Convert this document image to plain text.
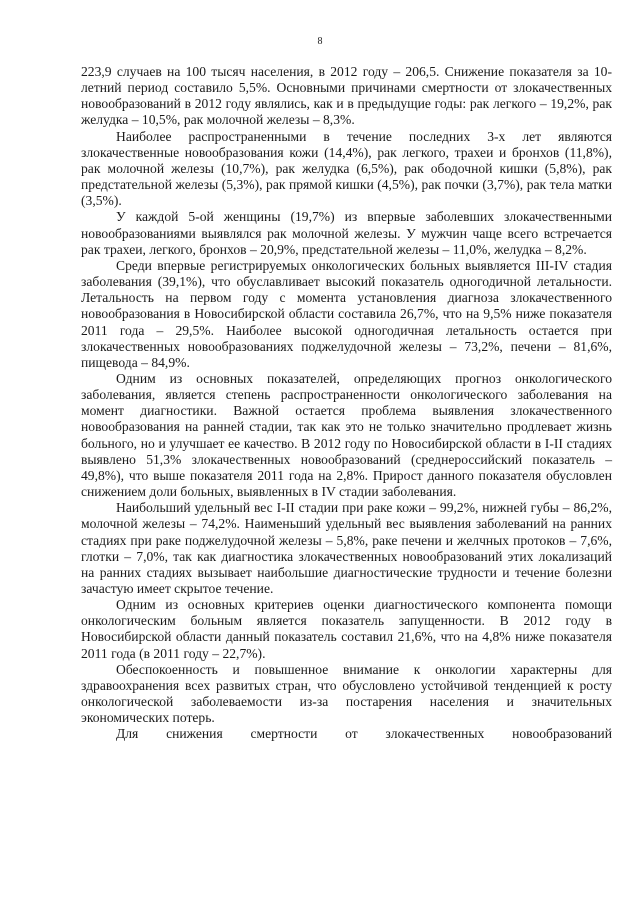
8

223,9 случаев на 100 тысяч населения, в 2012 году – 206,5. Снижение показателя за 10-летний период составило 5,5%. Основными причинами смертности от злокачественных новообразований в 2012 году являлись, как и в предыдущие годы: рак легкого – 19,2%, рак желудка – 10,5%, рак молочной железы – 8,3%.

Наиболее распространенными в течение последних 3-х лет являются злокачественные новообразования кожи (14,4%), рак легкого, трахеи и бронхов (11,8%), рак молочной железы (10,7%), рак желудка (6,5%), рак ободочной кишки (5,8%), рак предстательной железы (5,3%), рак прямой кишки (4,5%), рак почки (3,7%), рак тела матки (3,5%).

У каждой 5-ой женщины (19,7%) из впервые заболевших злокачественными новообразованиями выявлялся рак молочной железы. У мужчин чаще всего встречается рак трахеи, легкого, бронхов – 20,9%, предстательной железы – 11,0%, желудка – 8,2%.

Среди впервые регистрируемых онкологических больных выявляется III-IV стадия заболевания (39,1%), что обуславливает высокий показатель одногодичной летальности. Летальность на первом году с момента установления диагноза злокачественного новообразования в Новосибирской области составила 26,7%, что на 9,5% ниже показателя 2011 года – 29,5%. Наиболее высокой одногодичная летальность остается при злокачественных новообразованиях поджелудочной железы – 73,2%, печени – 81,6%, пищевода – 84,9%.

Одним из основных показателей, определяющих прогноз онкологического заболевания, является степень распространенности онкологического заболевания на момент диагностики. Важной остается проблема выявления злокачественного новообразования на ранней стадии, так как это не только значительно продлевает жизнь больного, но и улучшает ее качество. В 2012 году по Новосибирской области в I-II стадиях выявлено 51,3% злокачественных новообразований (среднероссийский показатель – 49,8%), что выше показателя 2011 года на 2,8%. Прирост данного показателя обусловлен снижением доли больных, выявленных в IV стадии заболевания.

Наибольший удельный вес I-II стадии при раке кожи – 99,2%, нижней губы – 86,2%, молочной железы – 74,2%. Наименьший удельный вес выявления заболеваний на ранних стадиях при раке поджелудочной железы – 5,8%, раке печени и желчных протоков – 7,6%, глотки – 7,0%, так как диагностика злокачественных новообразований этих локализаций на ранних стадиях вызывает наибольшие диагностические трудности и течение болезни зачастую имеет скрытое течение.

Одним из основных критериев оценки диагностического компонента помощи онкологическим больным является показатель запущенности. В 2012 году в Новосибирской области данный показатель составил 21,6%, что на 4,8% ниже показателя 2011 года (в 2011 году – 22,7%).

Обеспокоенность и повышенное внимание к онкологии характерны для здравоохранения всех развитых стран, что обусловлено устойчивой тенденцией к росту онкологической заболеваемости из-за постарения населения и значительных экономических потерь.

Для снижения смертности от злокачественных новообразований
